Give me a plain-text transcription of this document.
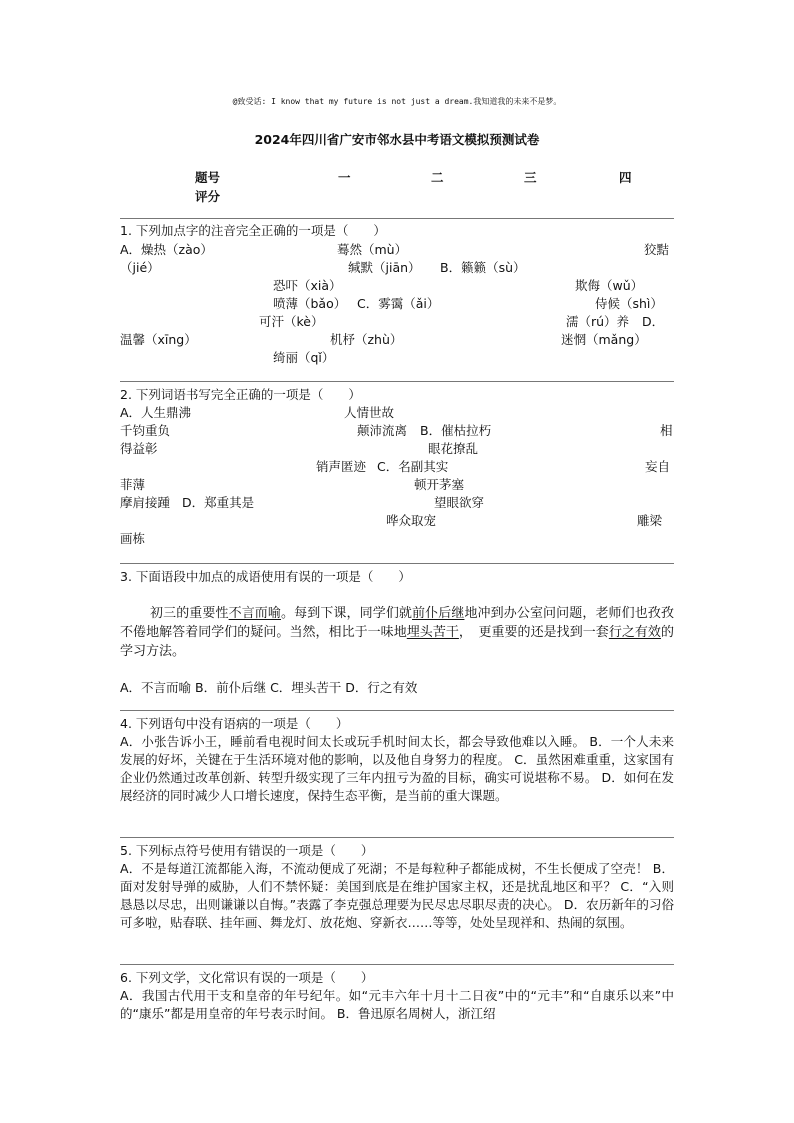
@致受话: I know that my future is not just a dream.我知道我的未来不是梦。
2024年四川省广安市邻水县中考语文模拟预测试卷
题号	一	二	三	四
评分
1. 下列加点字的注音完全正确的一项是（　　）
A．燥热（zào）	蓦然（mù）	狡黠
（jié）	缄默（jiān） B．籁籁（sù）
恐吓（xià）	欺侮（wǔ）
喷薄（bǎo） C．雾霭（ǎi）	侍候（shì）
可汗（kè）	濡（rú）养 D．
温馨（xīng）	机杼（zhù）	迷惘（mǎng）
绮丽（qǐ）
2. 下列词语书写完全正确的一项是（　　）
A．人生鼎沸	人情世故
千钧重负	颠沛流离 B．催枯拉朽	相
得益彰	眼花撩乱
销声匿迹 C．名副其实	妄自
菲薄	顿开茅塞
摩肩接踵 D．郑重其是	望眼欲穿
哗众取宠	雕梁
画栋
3. 下面语段中加点的成语使用有误的一项是（　　）
初三的重要性不言而喻。每到下课，同学们就前仆后继地冲到办公室问问题，老师们也孜孜不倦地解答着同学们的疑问。当然，相比于一味地埋头苦干，　更重要的还是找到一套行之有效的学习方法。
A．不言而喻 B．前仆后继 C．埋头苦干 D．行之有效
4. 下列语句中没有语病的一项是（　　）
A．小张告诉小王，睡前看电视时间太长或玩手机时间太长，都会导致他难以入睡。 B．一个人未来发展的好坏，关键在于生活环境对他的影响，以及他自身努力的程度。 C．虽然困难重重，这家国有企业仍然通过改革创新、转型升级实现了三年内扭亏为盈的目标，确实可说堪称不易。 D．如何在发展经济的同时减少人口增长速度，保持生态平衡，是当前的重大课题。
5. 下列标点符号使用有错误的一项是（　　）
A．不是每道江流都能入海，不流动便成了死湖；不是每粒种子都能成树，不生长便成了空壳！ B．面对发射导弹的威胁，人们不禁怀疑：美国到底是在维护国家主权，还是扰乱地区和平？ C．“入则恳恳以尽忠，出则谦谦以自悔。”表露了李克强总理要为民尽忠尽职尽责的决心。 D．农历新年的习俗可多啦，贴春联、挂年画、舞龙灯、放花炮、穿新衣……等等，处处呈现祥和、热闹的氛围。
6. 下列文学，文化常识有误的一项是（　　）
A．我国古代用干支和皇帝的年号纪年。如“元丰六年十月十二日夜”中的“元丰”和“自康乐以来”中的“康乐”都是用皇帝的年号表示时间。 B．鲁迅原名周树人，浙江绍
